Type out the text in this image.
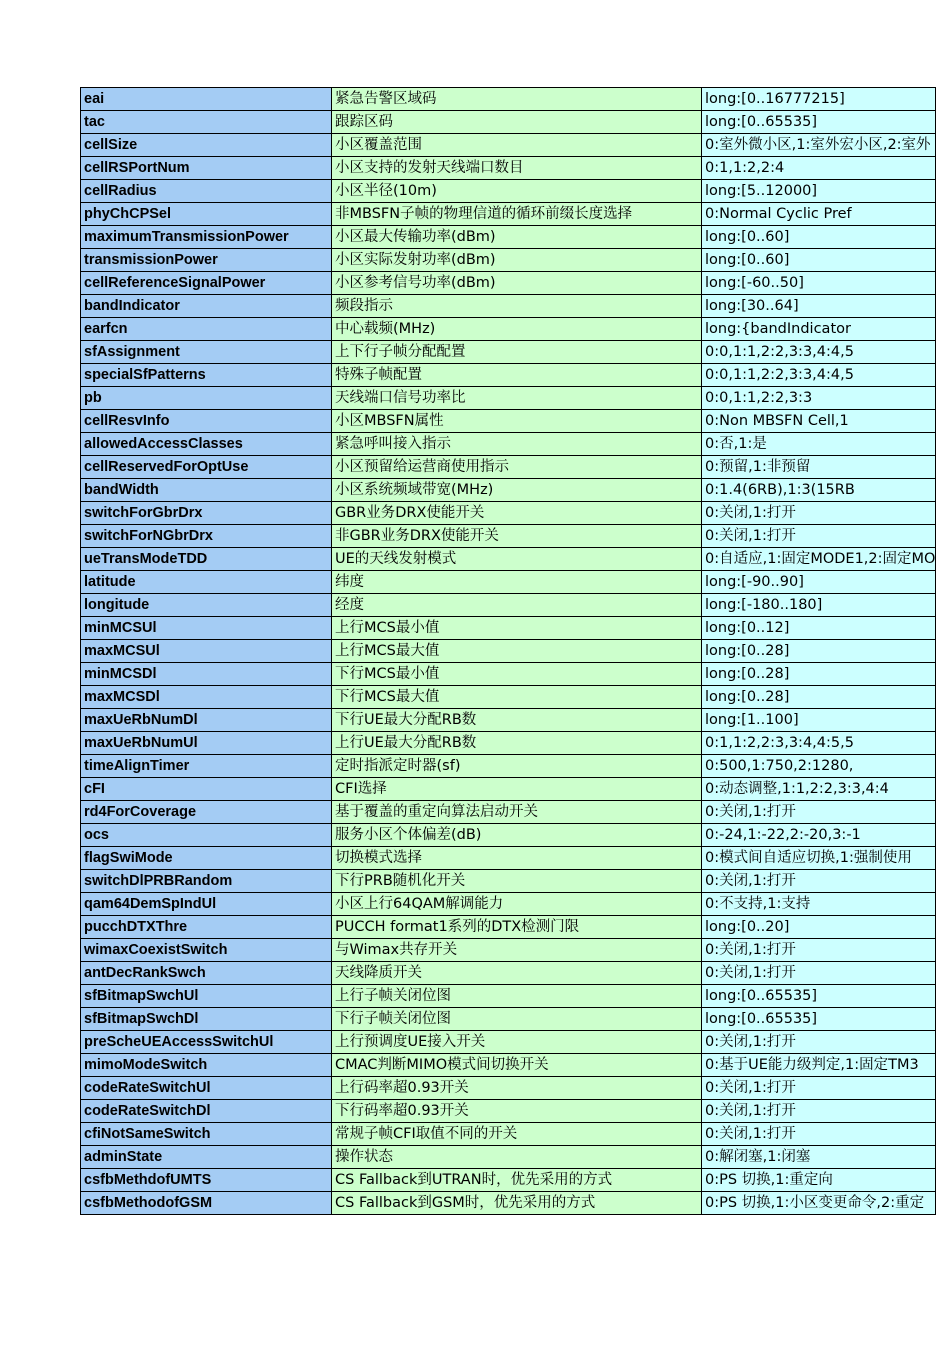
eai	紧急告警区域码	long:[0..16777215]
tac	跟踪区码	long:[0..65535]
cellSize	小区覆盖范围	0:室外微小区,1:室外宏小区,2:室外
cellRSPortNum	小区支持的发射天线端口数目	0:1,1:2,2:4
cellRadius	小区半径(10m)	long:[5..12000]
phyChCPSel	非MBSFN子帧的物理信道的循环前缀长度选择	0:Normal Cyclic Pref
maximumTransmissionPower	小区最大传输功率(dBm)	long:[0..60]
transmissionPower	小区实际发射功率(dBm)	long:[0..60]
cellReferenceSignalPower	小区参考信号功率(dBm)	long:[-60..50]
bandIndicator	频段指示	long:[30..64]
earfcn	中心载频(MHz)	long:{bandIndicator
sfAssignment	上下行子帧分配配置	0:0,1:1,2:2,3:3,4:4,5
specialSfPatterns	特殊子帧配置	0:0,1:1,2:2,3:3,4:4,5
pb	天线端口信号功率比	0:0,1:1,2:2,3:3
cellResvInfo	小区MBSFN属性	0:Non MBSFN Cell,1
allowedAccessClasses	紧急呼叫接入指示	0:否,1:是
cellReservedForOptUse	小区预留给运营商使用指示	0:预留,1:非预留
bandWidth	小区系统频域带宽(MHz)	0:1.4(6RB),1:3(15RB
switchForGbrDrx	GBR业务DRX使能开关	0:关闭,1:打开
switchForNGbrDrx	非GBR业务DRX使能开关	0:关闭,1:打开
ueTransModeTDD	UE的天线发射模式	0:自适应,1:固定MODE1,2:固定MO
latitude	纬度	long:[-90..90]
longitude	经度	long:[-180..180]
minMCSUl	上行MCS最小值	long:[0..12]
maxMCSUl	上行MCS最大值	long:[0..28]
minMCSDl	下行MCS最小值	long:[0..28]
maxMCSDl	下行MCS最大值	long:[0..28]
maxUeRbNumDl	下行UE最大分配RB数	long:[1..100]
maxUeRbNumUl	上行UE最大分配RB数	0:1,1:2,2:3,3:4,4:5,5
timeAlignTimer	定时指派定时器(sf)	0:500,1:750,2:1280,
cFI	CFI选择	0:动态调整,1:1,2:2,3:3,4:4
rd4ForCoverage	基于覆盖的重定向算法启动开关	0:关闭,1:打开
ocs	服务小区个体偏差(dB)	0:-24,1:-22,2:-20,3:-1
flagSwiMode	切换模式选择	0:模式间自适应切换,1:强制使用
switchDlPRBRandom	下行PRB随机化开关	0:关闭,1:打开
qam64DemSpIndUl	小区上行64QAM解调能力	0:不支持,1:支持
pucchDTXThre	PUCCH format1系列的DTX检测门限	long:[0..20]
wimaxCoexistSwitch	与Wimax共存开关	0:关闭,1:打开
antDecRankSwch	天线降质开关	0:关闭,1:打开
sfBitmapSwchUl	上行子帧关闭位图	long:[0..65535]
sfBitmapSwchDl	下行子帧关闭位图	long:[0..65535]
preScheUEAccessSwitchUl	上行预调度UE接入开关	0:关闭,1:打开
mimoModeSwitch	CMAC判断MIMO模式间切换开关	0:基于UE能力级判定,1:固定TM3
codeRateSwitchUl	上行码率超0.93开关	0:关闭,1:打开
codeRateSwitchDl	下行码率超0.93开关	0:关闭,1:打开
cfiNotSameSwitch	常规子帧CFI取值不同的开关	0:关闭,1:打开
adminState	操作状态	0:解闭塞,1:闭塞
csfbMethdofUMTS	CS Fallback到UTRAN时，优先采用的方式	0:PS 切换,1:重定向
csfbMethodofGSM	CS Fallback到GSM时，优先采用的方式	0:PS 切换,1:小区变更命令,2:重定
